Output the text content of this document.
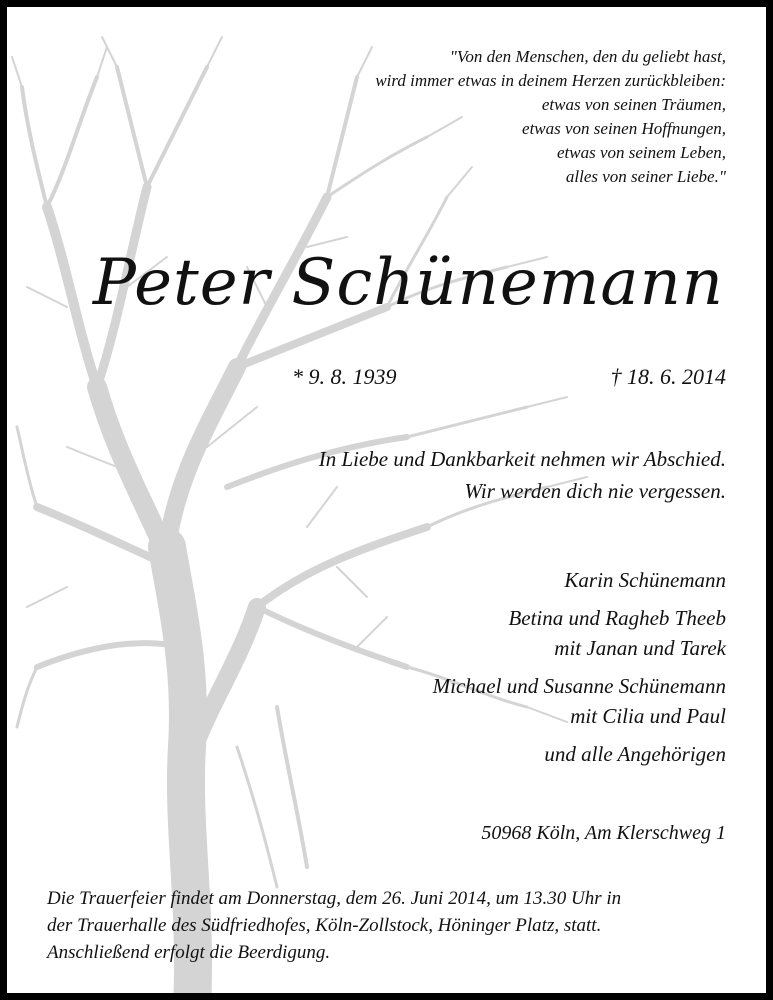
"Von den Menschen, den du geliebt hast,
wird immer etwas in deinem Herzen zurückbleiben:
etwas von seinen Träumen,
etwas von seinen Hoffnungen,
etwas von seinem Leben,
alles von seiner Liebe."
Peter Schünemann
* 9. 8. 1939	† 18. 6. 2014
In Liebe und Dankbarkeit nehmen wir Abschied.
Wir werden dich nie vergessen.
Karin Schünemann
Betina und Ragheb Theeb
mit Janan und Tarek
Michael und Susanne Schünemann
mit Cilia und Paul
und alle Angehörigen
50968 Köln, Am Klerschweg 1
Die Trauerfeier findet am Donnerstag, dem 26. Juni 2014, um 13.30 Uhr in
der Trauerhalle des Südfriedhofes, Köln-Zollstock, Höninger Platz, statt.
Anschließend erfolgt die Beerdigung.
